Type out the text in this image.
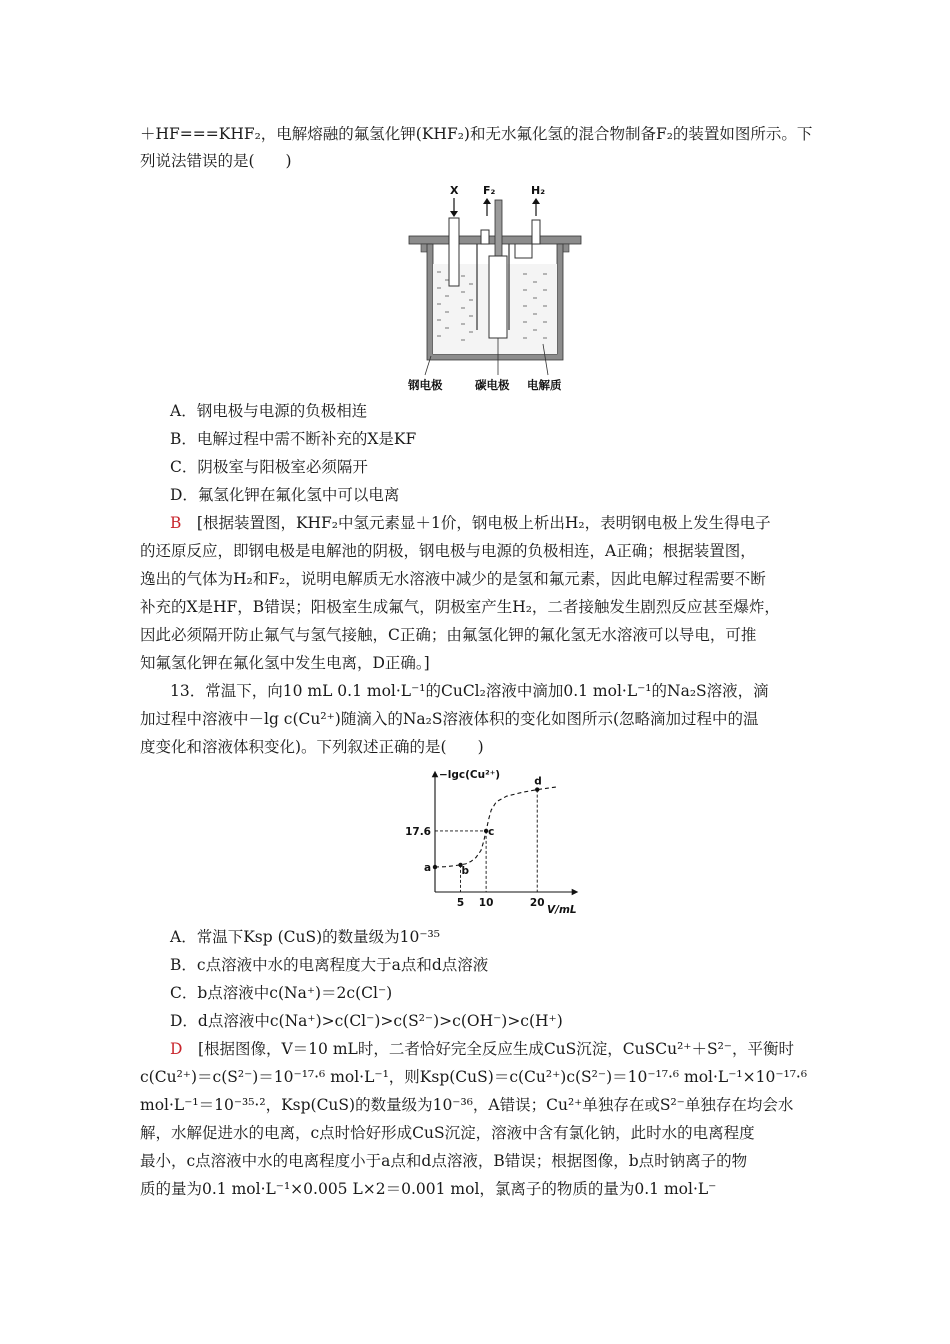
＋HF===KHF₂，电解熔融的氟氢化钾(KHF₂)和无水氟化氢的混合物制备F₂的装置如图所示。下
列说法错误的是(　　)
X F₂	H₂
钢电极	碳电极 电解质
A．钢电极与电源的负极相连
B．电解过程中需不断补充的X是KF
C．阴极室与阳极室必须隔开
D．氟氢化钾在氟化氢中可以电离
B　[根据装置图，KHF₂中氢元素显＋1价，钢电极上析出H₂，表明钢电极上发生得电子
的还原反应，即钢电极是电解池的阴极，钢电极与电源的负极相连，A正确；根据装置图，
逸出的气体为H₂和F₂，说明电解质无水溶液中减少的是氢和氟元素，因此电解过程需要不断
补充的X是HF，B错误；阳极室生成氟气，阴极室产生H₂，二者接触发生剧烈反应甚至爆炸，
因此必须隔开防止氟气与氢气接触，C正确；由氟氢化钾的氟化氢无水溶液可以导电，可推
知氟氢化钾在氟化氢中发生电离，D正确。]
13．常温下，向10 mL 0.1 mol·L⁻¹的CuCl₂溶液中滴加0.1 mol·L⁻¹的Na₂S溶液，滴
加过程中溶液中－lg c(Cu²⁺)随滴入的Na₂S溶液体积的变化如图所示(忽略滴加过程中的温
度变化和溶液体积变化)。下列叙述正确的是(　　)
−lgc(Cu²⁺)
V/mL
a	b
c
d
5 10	20
17.6
A．常温下Ksp (CuS)的数量级为10⁻³⁵
B．c点溶液中水的电离程度大于a点和d点溶液
C．b点溶液中c(Na⁺)＝2c(Cl⁻)
D．d点溶液中c(Na⁺)>c(Cl⁻)>c(S²⁻)>c(OH⁻)>c(H⁺)
D　[根据图像，V＝10 mL时，二者恰好完全反应生成CuS沉淀，CuSCu²⁺＋S²⁻，平衡时
c(Cu²⁺)＝c(S²⁻)＝10⁻¹⁷·⁶ mol·L⁻¹，则Ksp(CuS)＝c(Cu²⁺)c(S²⁻)＝10⁻¹⁷·⁶ mol·L⁻¹×10⁻¹⁷·⁶
mol·L⁻¹＝10⁻³⁵·²，Ksp(CuS)的数量级为10⁻³⁶，A错误；Cu²⁺单独存在或S²⁻单独存在均会水
解，水解促进水的电离，c点时恰好形成CuS沉淀，溶液中含有氯化钠，此时水的电离程度
最小，c点溶液中水的电离程度小于a点和d点溶液，B错误；根据图像，b点时钠离子的物
质的量为0.1 mol·L⁻¹×0.005 L×2＝0.001 mol，氯离子的物质的量为0.1 mol·L⁻
